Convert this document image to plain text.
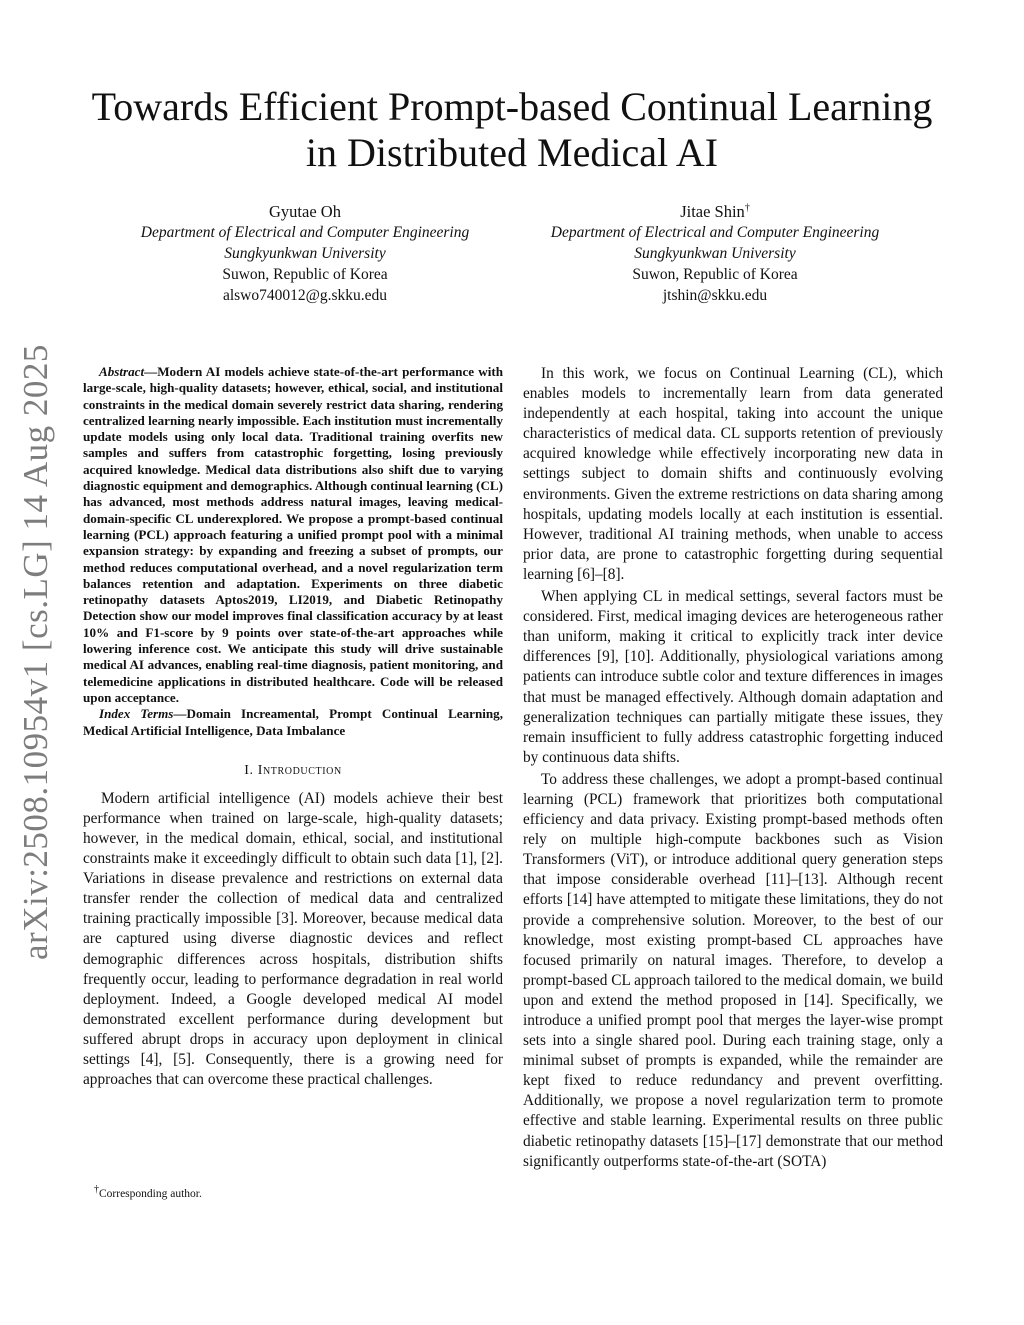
arXiv:2508.10954v1 [cs.LG] 14 Aug 2025
Towards Efficient Prompt-based Continual Learning
in Distributed Medical AI
Gyutae Oh
Department of Electrical and Computer Engineering
Sungkyunkwan University
Suwon, Republic of Korea
alswo740012@g.skku.edu
Jitae Shin†
Department of Electrical and Computer Engineering
Sungkyunkwan University
Suwon, Republic of Korea
jtshin@skku.edu

Abstract—Modern AI models achieve state-of-the-art performance with large-scale, high-quality datasets; however, ethical, social, and institutional constraints in the medical domain severely restrict data sharing, rendering centralized learning nearly impossible. Each institution must incrementally update models using only local data. Traditional training overfits new samples and suffers from catastrophic forgetting, losing previously acquired knowledge. Medical data distributions also shift due to varying diagnostic equipment and demographics. Although continual learning (CL) has advanced, most methods address natural images, leaving medical-domain-specific CL underexplored. We propose a prompt-based continual learning (PCL) approach featuring a unified prompt pool with a minimal expansion strategy: by expanding and freezing a subset of prompts, our method reduces computational overhead, and a novel regularization term balances retention and adaptation. Experiments on three diabetic retinopathy datasets Aptos2019, LI2019, and Diabetic Retinopathy Detection show our model improves final classification accuracy by at least 10% and F1-score by 9 points over state-of-the-art approaches while lowering inference cost. We anticipate this study will drive sustainable medical AI advances, enabling real-time diagnosis, patient monitoring, and telemedicine applications in distributed healthcare. Code will be released upon acceptance.

Index Terms—Domain Increamental, Prompt Continual Learning, Medical Artificial Intelligence, Data Imbalance

I. Introduction

Modern artificial intelligence (AI) models achieve their best performance when trained on large-scale, high-quality datasets; however, in the medical domain, ethical, social, and institutional constraints make it exceedingly difficult to obtain such data [1], [2]. Variations in disease prevalence and restrictions on external data transfer render the collection of medical data and centralized training practically impossible [3]. Moreover, because medical data are captured using diverse diagnostic devices and reflect demographic differences across hospitals, distribution shifts frequently occur, leading to performance degradation in real world deployment. Indeed, a Google developed medical AI model demonstrated excellent performance during development but suffered abrupt drops in accuracy upon deployment in clinical settings [4], [5]. Consequently, there is a growing need for approaches that can overcome these practical challenges.

†Corresponding author.

In this work, we focus on Continual Learning (CL), which enables models to incrementally learn from data generated independently at each hospital, taking into account the unique characteristics of medical data. CL supports retention of previously acquired knowledge while effectively incorporating new data in settings subject to domain shifts and continuously evolving environments. Given the extreme restrictions on data sharing among hospitals, updating models locally at each institution is essential. However, traditional AI training methods, when unable to access prior data, are prone to catastrophic forgetting during sequential learning [6]–[8].

When applying CL in medical settings, several factors must be considered. First, medical imaging devices are heterogeneous rather than uniform, making it critical to explicitly track inter device differences [9], [10]. Additionally, physiological variations among patients can introduce subtle color and texture differences in images that must be managed effectively. Although domain adaptation and generalization techniques can partially mitigate these issues, they remain insufficient to fully address catastrophic forgetting induced by continuous data shifts.

To address these challenges, we adopt a prompt-based continual learning (PCL) framework that prioritizes both computational efficiency and data privacy. Existing prompt-based methods often rely on multiple high-compute backbones such as Vision Transformers (ViT), or introduce additional query generation steps that impose considerable overhead [11]–[13]. Although recent efforts [14] have attempted to mitigate these limitations, they do not provide a comprehensive solution. Moreover, to the best of our knowledge, most existing prompt-based CL approaches have focused primarily on natural images. Therefore, to develop a prompt-based CL approach tailored to the medical domain, we build upon and extend the method proposed in [14]. Specifically, we introduce a unified prompt pool that merges the layer-wise prompt sets into a single shared pool. During each training stage, only a minimal subset of prompts is expanded, while the remainder are kept fixed to reduce redundancy and prevent overfitting. Additionally, we propose a novel regularization term to promote effective and stable learning. Experimental results on three public diabetic retinopathy datasets [15]–[17] demonstrate that our method significantly outperforms state-of-the-art (SOTA)
